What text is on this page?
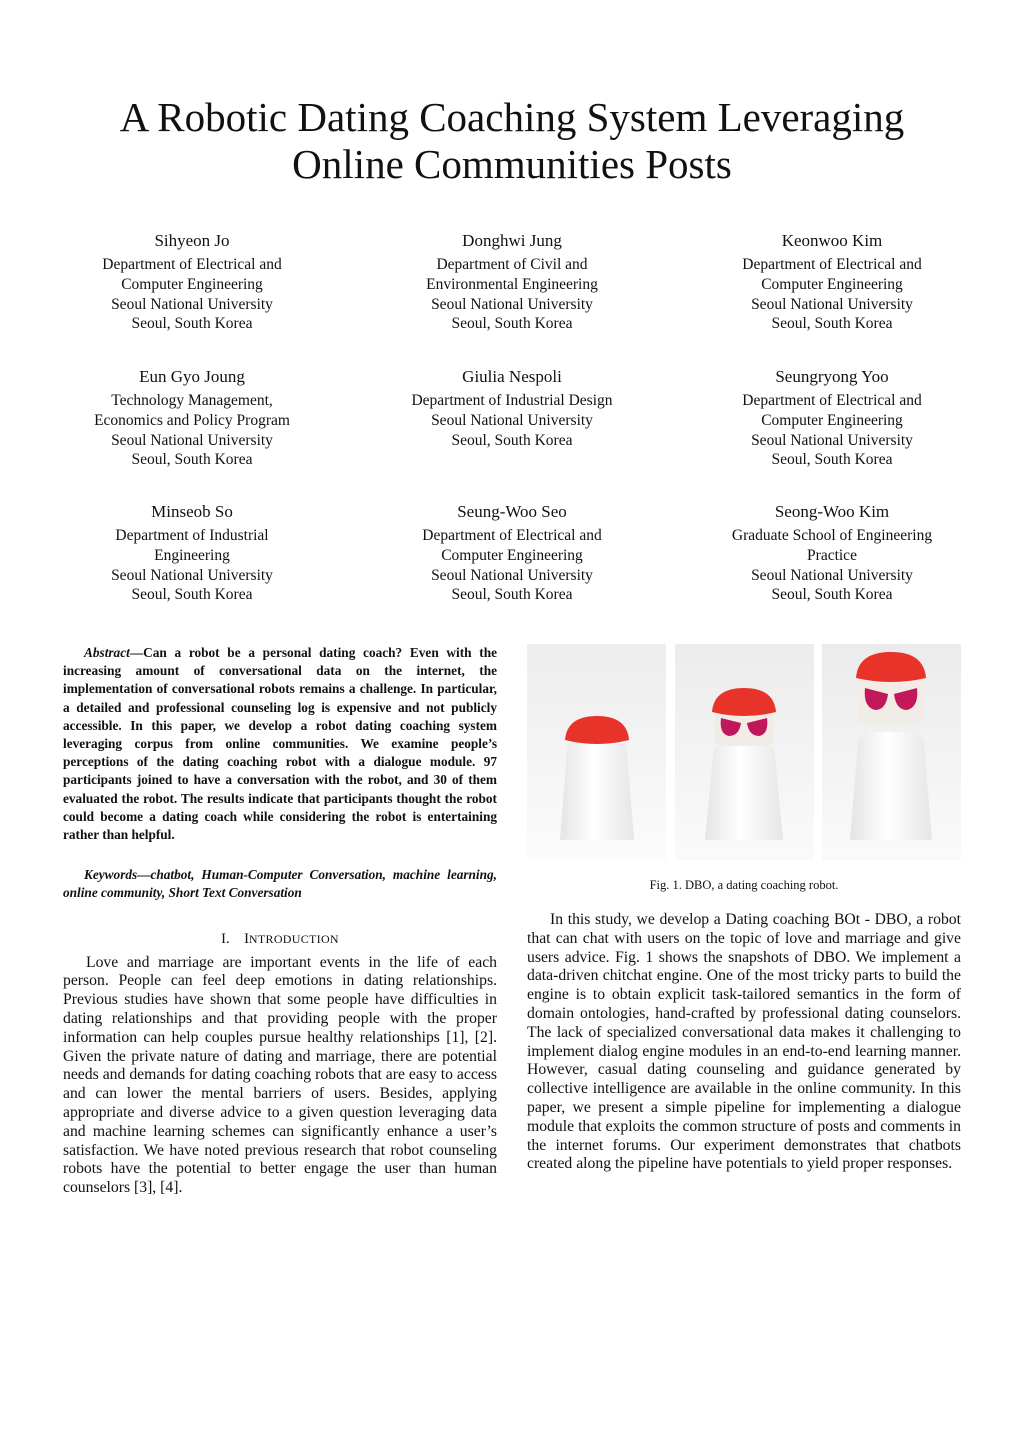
A Robotic Dating Coaching System Leveraging
Online Communities Posts
Sihyeon Jo
Department of Electrical and
Computer Engineering
Seoul National University
Seoul, South Korea
Donghwi Jung
Department of Civil and
Environmental Engineering
Seoul National University
Seoul, South Korea
Keonwoo Kim
Department of Electrical and
Computer Engineering
Seoul National University
Seoul, South Korea
Eun Gyo Joung
Technology Management,
Economics and Policy Program
Seoul National University
Seoul, South Korea
Giulia Nespoli
Department of Industrial Design
Seoul National University
Seoul, South Korea
Seungryong Yoo
Department of Electrical and
Computer Engineering
Seoul National University
Seoul, South Korea
Minseob So
Department of Industrial
Engineering
Seoul National University
Seoul, South Korea
Seung-Woo Seo
Department of Electrical and
Computer Engineering
Seoul National University
Seoul, South Korea
Seong-Woo Kim
Graduate School of Engineering
Practice
Seoul National University
Seoul, South Korea

Abstract—Can a robot be a personal dating coach? Even with the increasing amount of conversational data on the internet, the implementation of conversational robots remains a challenge. In particular, a detailed and professional counseling log is expensive and not publicly accessible. In this paper, we develop a robot dating coaching system leveraging corpus from online communities. We examine people’s perceptions of the dating coaching robot with a dialogue module. 97 participants joined to have a conversation with the robot, and 30 of them evaluated the robot. The results indicate that participants thought the robot could become a dating coach while considering the robot is entertaining rather than helpful.

Keywords—chatbot, Human-Computer Conversation, machine learning, online community, Short Text Conversation

I. INTRODUCTION

Love and marriage are important events in the life of each person. People can feel deep emotions in dating relationships. Previous studies have shown that some people have difficulties in dating relationships and that providing people with the proper information can help couples pursue healthy relationships [1], [2]. Given the private nature of dating and marriage, there are potential needs and demands for dating coaching robots that are easy to access and can lower the mental barriers of users. Besides, applying appropriate and diverse advice to a given question leveraging data and machine learning schemes can significantly enhance a user’s satisfaction. We have noted previous research that robot counseling robots have the potential to better engage the user than human counselors [3], [4].

Fig. 1. DBO, a dating coaching robot.

In this study, we develop a Dating coaching BOt - DBO, a robot that can chat with users on the topic of love and marriage and give users advice. Fig. 1 shows the snapshots of DBO. We implement a data-driven chitchat engine. One of the most tricky parts to build the engine is to obtain explicit task-tailored semantics in the form of domain ontologies, hand-crafted by professional dating counselors. The lack of specialized conversational data makes it challenging to implement dialog engine modules in an end-to-end learning manner. However, casual dating counseling and guidance generated by collective intelligence are available in the online community. In this paper, we present a simple pipeline for implementing a dialogue module that exploits the common structure of posts and comments in the internet forums. Our experiment demonstrates that chatbots created along the pipeline have potentials to yield proper responses.
